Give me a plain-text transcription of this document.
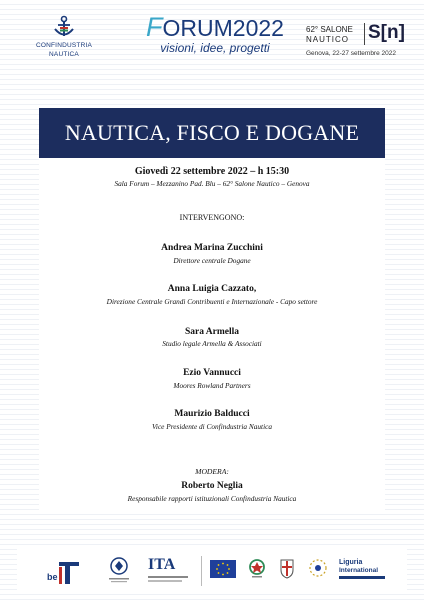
CONFINDUSTRIA
NAUTICA
FORUM2022
visioni, idee, progetti
62° SALONE
NAUTICO S[n]
Genova, 22-27 settembre 2022
NAUTICA, FISCO E DOGANE
Giovedì 22 settembre 2022 – h 15:30
Sala Forum – Mezzanino Pad. Blu – 62° Salone Nautico – Genova
INTERVENGONO:
Andrea Marina Zucchini
Direttore centrale Dogane
Anna Luigia Cazzato,
Direzione Centrale Grandi Contribuenti e Internazionale - Capo settore
Sara Armella
Studio legale Armella & Associati
Ezio Vannucci
Moores Rowland Partners
Maurizio Balducci
Vice Presidente di Confindustria Nautica
MODERA:
Roberto Neglia
Responsabile rapporti istituzionali Confindustria Nautica
be
ITA	Liguria
International
